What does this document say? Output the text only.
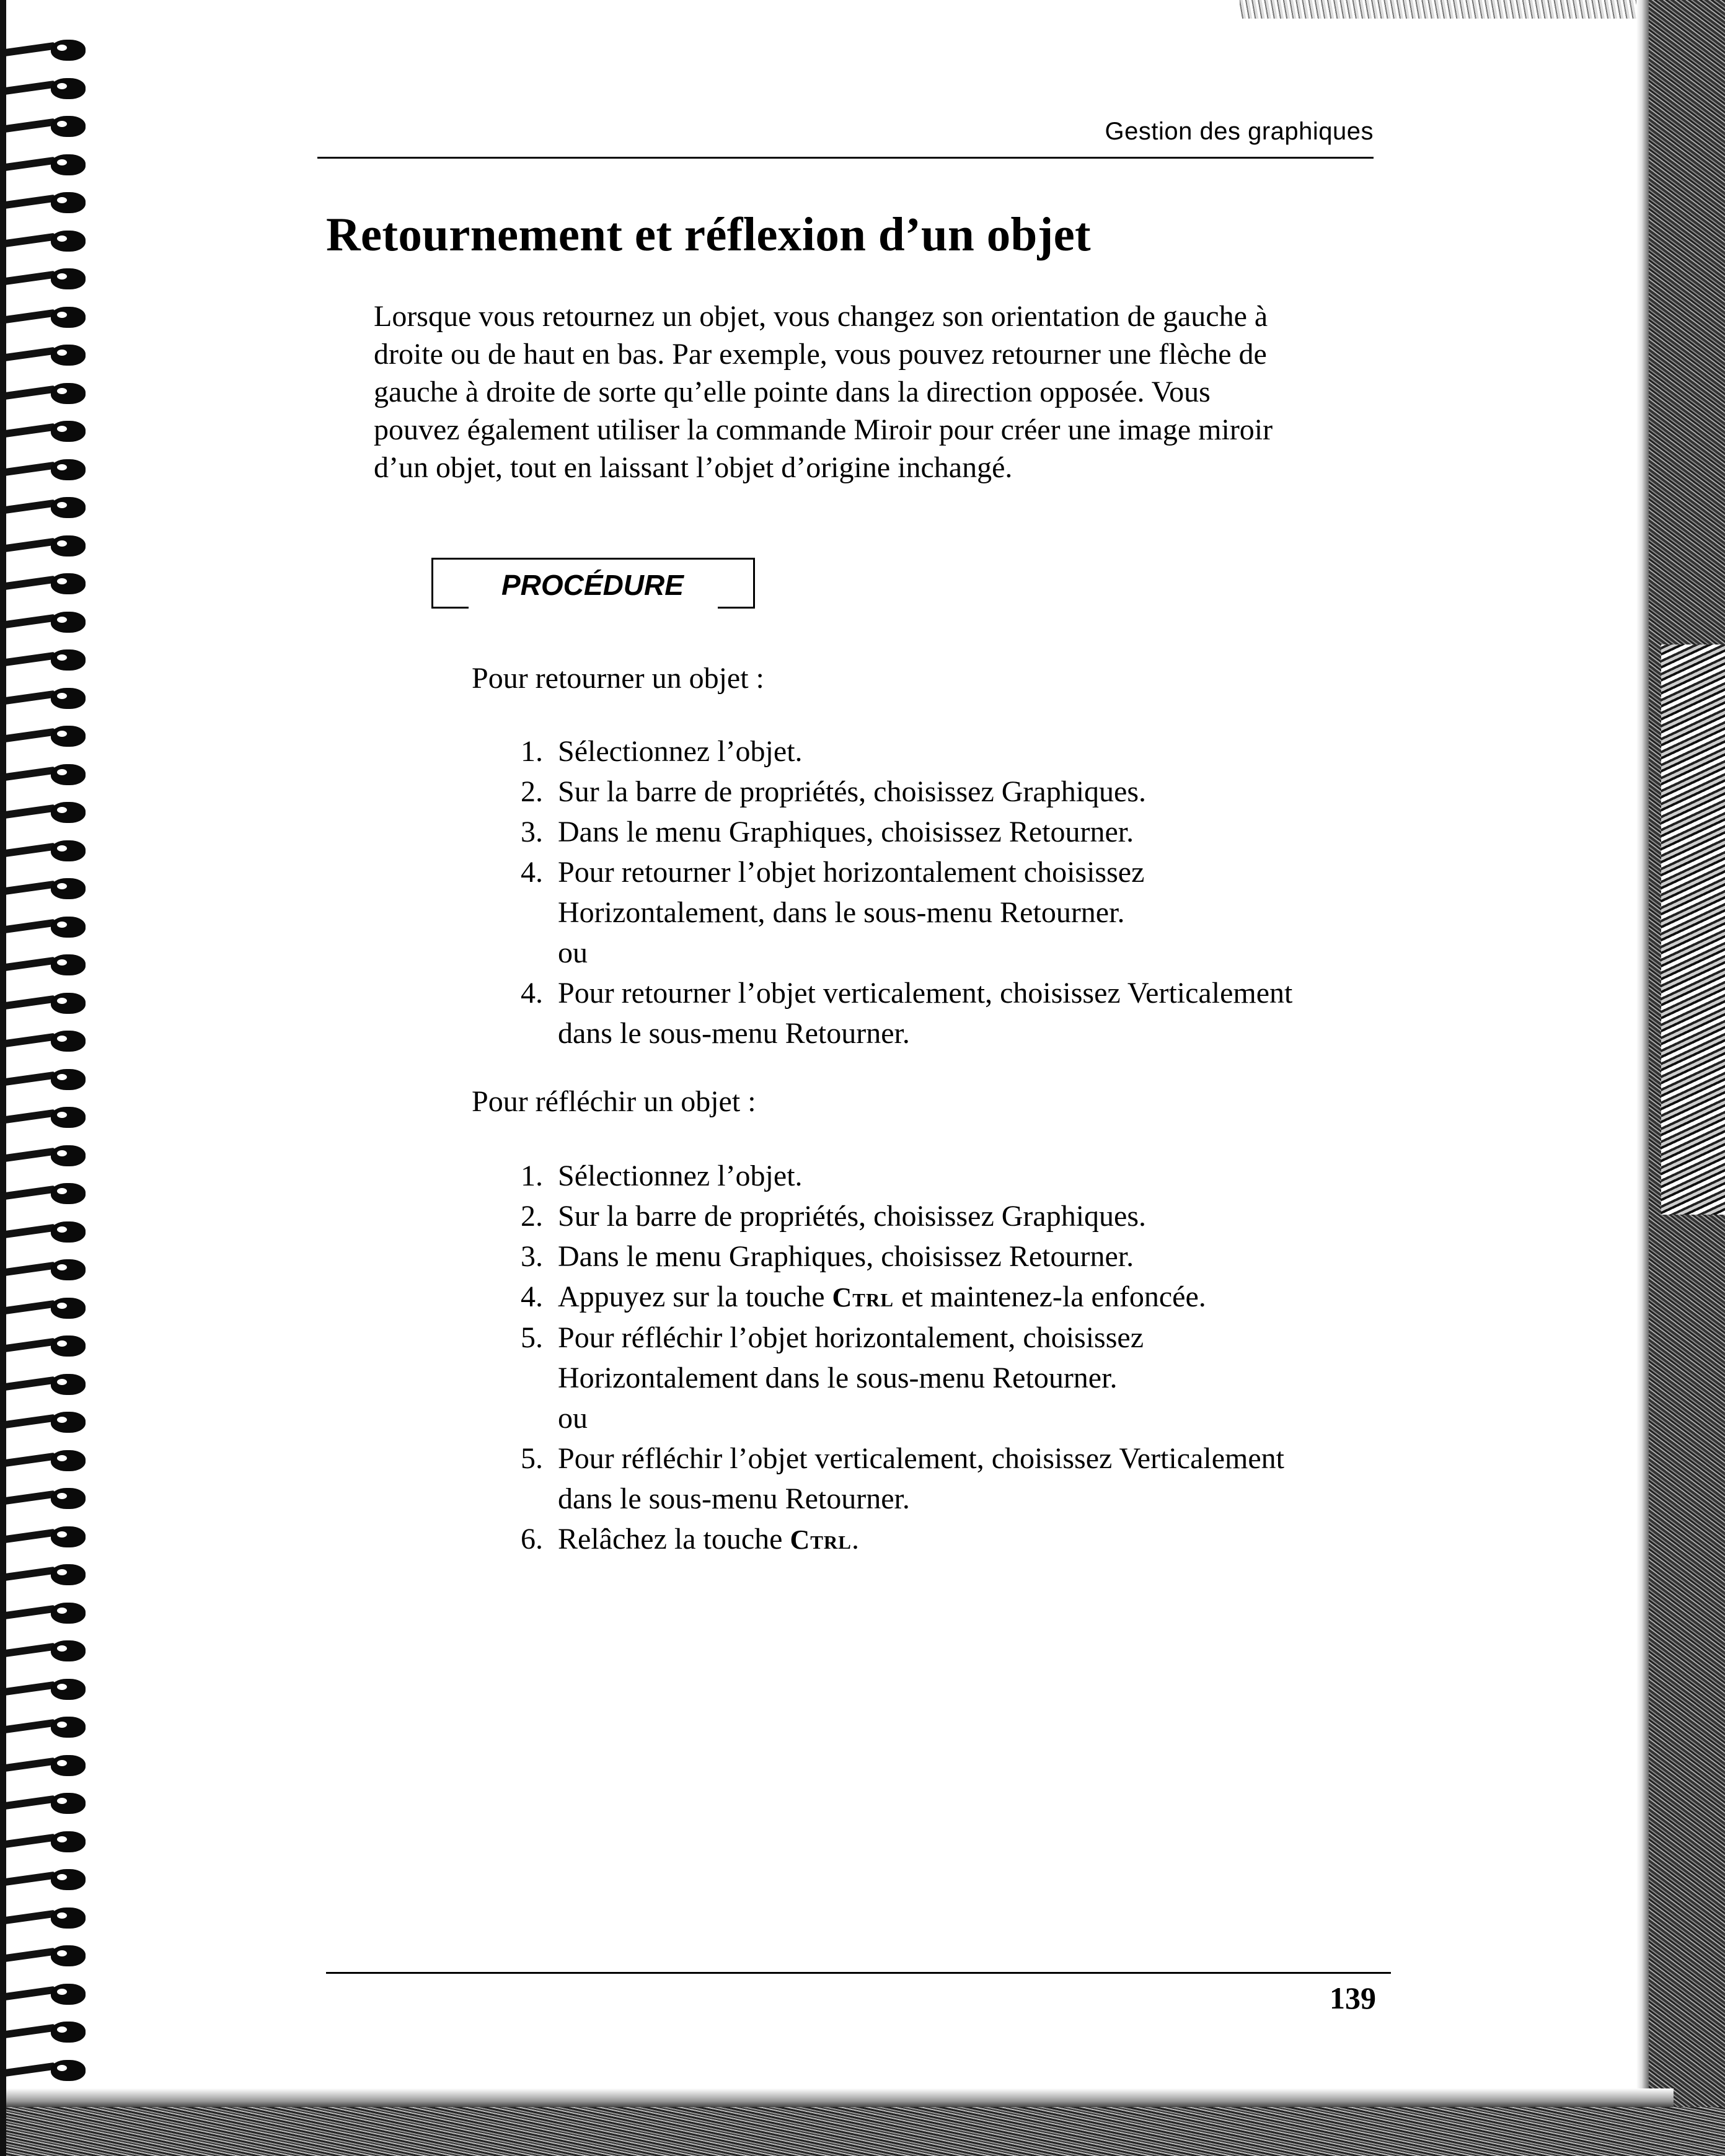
Gestion des graphiques
Retournement et réflexion d’un objet
Lorsque vous retournez un objet, vous changez son orientation de gauche à
droite ou de haut en bas. Par exemple, vous pouvez retourner une flèche de
gauche à droite de sorte qu’elle pointe dans la direction opposée. Vous
pouvez également utiliser la commande Miroir pour créer une image miroir
d’un objet, tout en laissant l’objet d’origine inchangé.
PROCÉDURE

Pour retourner un objet :

1. Sélectionnez l’objet.
2. Sur la barre de propriétés, choisissez Graphiques.
3. Dans le menu Graphiques, choisissez Retourner.
4. Pour retourner l’objet horizontalement choisissez
Horizontalement, dans le sous-menu Retourner.
ou
4. Pour retourner l’objet verticalement, choisissez Verticalement
dans le sous-menu Retourner.

Pour réfléchir un objet :

1. Sélectionnez l’objet.
2. Sur la barre de propriétés, choisissez Graphiques.
3. Dans le menu Graphiques, choisissez Retourner.
4. Appuyez sur la touche Ctrl et maintenez-la enfoncée.
5. Pour réfléchir l’objet horizontalement, choisissez
Horizontalement dans le sous-menu Retourner.
ou
5. Pour réfléchir l’objet verticalement, choisissez Verticalement
dans le sous-menu Retourner.
6. Relâchez la touche Ctrl.
139
